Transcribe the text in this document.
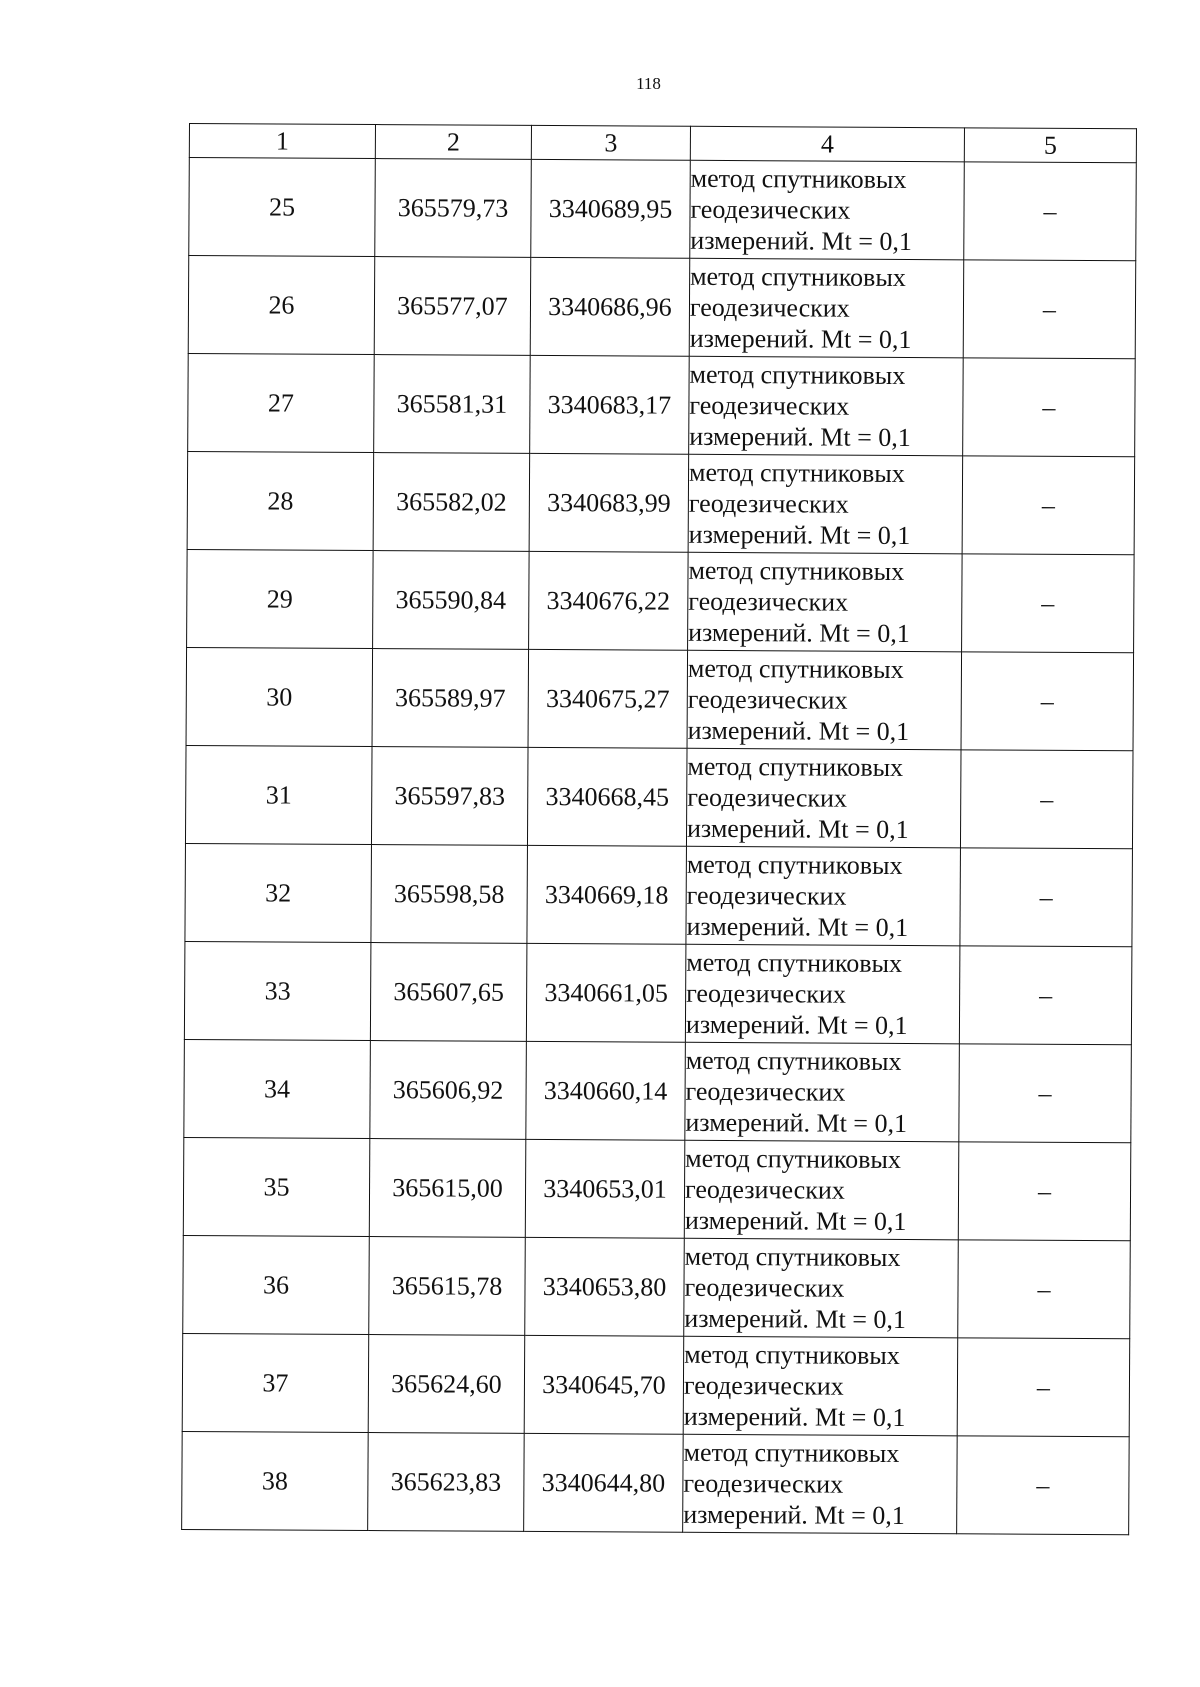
118
1	2	3	4	5
25	365579,73	3340689,95	метод спутниковых
геодезических
измерений. Mt = 0,1	–
26	365577,07	3340686,96	метод спутниковых
геодезических
измерений. Mt = 0,1	–
27	365581,31	3340683,17	метод спутниковых
геодезических
измерений. Mt = 0,1	–
28	365582,02	3340683,99	метод спутниковых
геодезических
измерений. Mt = 0,1	–
29	365590,84	3340676,22	метод спутниковых
геодезических
измерений. Mt = 0,1	–
30	365589,97	3340675,27	метод спутниковых
геодезических
измерений. Mt = 0,1	–
31	365597,83	3340668,45	метод спутниковых
геодезических
измерений. Mt = 0,1	–
32	365598,58	3340669,18	метод спутниковых
геодезических
измерений. Mt = 0,1	–
33	365607,65	3340661,05	метод спутниковых
геодезических
измерений. Mt = 0,1	–
34	365606,92	3340660,14	метод спутниковых
геодезических
измерений. Mt = 0,1	–
35	365615,00	3340653,01	метод спутниковых
геодезических
измерений. Mt = 0,1	–
36	365615,78	3340653,80	метод спутниковых
геодезических
измерений. Mt = 0,1	–
37	365624,60	3340645,70	метод спутниковых
геодезических
измерений. Mt = 0,1	–
38	365623,83	3340644,80	метод спутниковых
геодезических
измерений. Mt = 0,1	–
